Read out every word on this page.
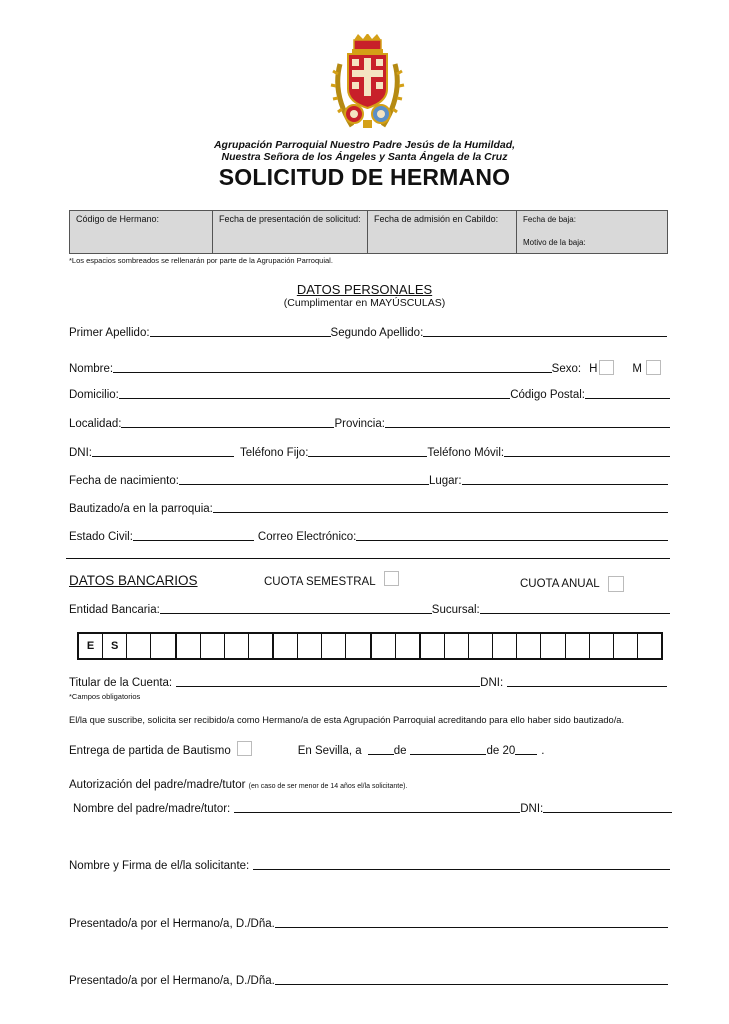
Agrupación Parroquial Nuestro Padre Jesús de la Humildad,
Nuestra Señora de los Ángeles y Santa Ángela de la Cruz
SOLICITUD DE HERMANO
Código de Hermano:	Fecha de presentación de solicitud:	Fecha de admisión en Cabildo:	Fecha de baja:
Motivo de la baja:
*Los espacios sombreados se rellenarán por parte de la Agrupación Parroquial.
DATOS PERSONALES
(Cumplimentar en MAYÚSCULAS)
Primer Apellido:	Segundo Apellido:
Nombre:	Sexo: H	M
Domicilio:	Código Postal:
Localidad:	Provincia:
DNI:	Teléfono Fijo:	Teléfono Móvil:
Fecha de nacimiento:	Lugar:
Bautizado/a en la parroquia:
Estado Civil:	Correo Electrónico:
DATOS BANCARIOS	CUOTA SEMESTRAL	CUOTA ANUAL
Entidad Bancaria:	Sucursal:
E	S
Titular de la Cuenta:	DNI:
*Campos obligatorios
El/la que suscribe, solicita ser recibido/a como Hermano/a de esta Agrupación Parroquial acreditando para ello haber sido bautizado/a.
Entrega de partida de Bautismo	En Sevilla, a	de	de 20 .
Autorización del padre/madre/tutor (en caso de ser menor de 14 años el/la solicitante).
Nombre del padre/madre/tutor:	DNI:
Nombre y Firma de el/la solicitante:
Presentado/a por el Hermano/a, D./Dña.
Presentado/a por el Hermano/a, D./Dña.
